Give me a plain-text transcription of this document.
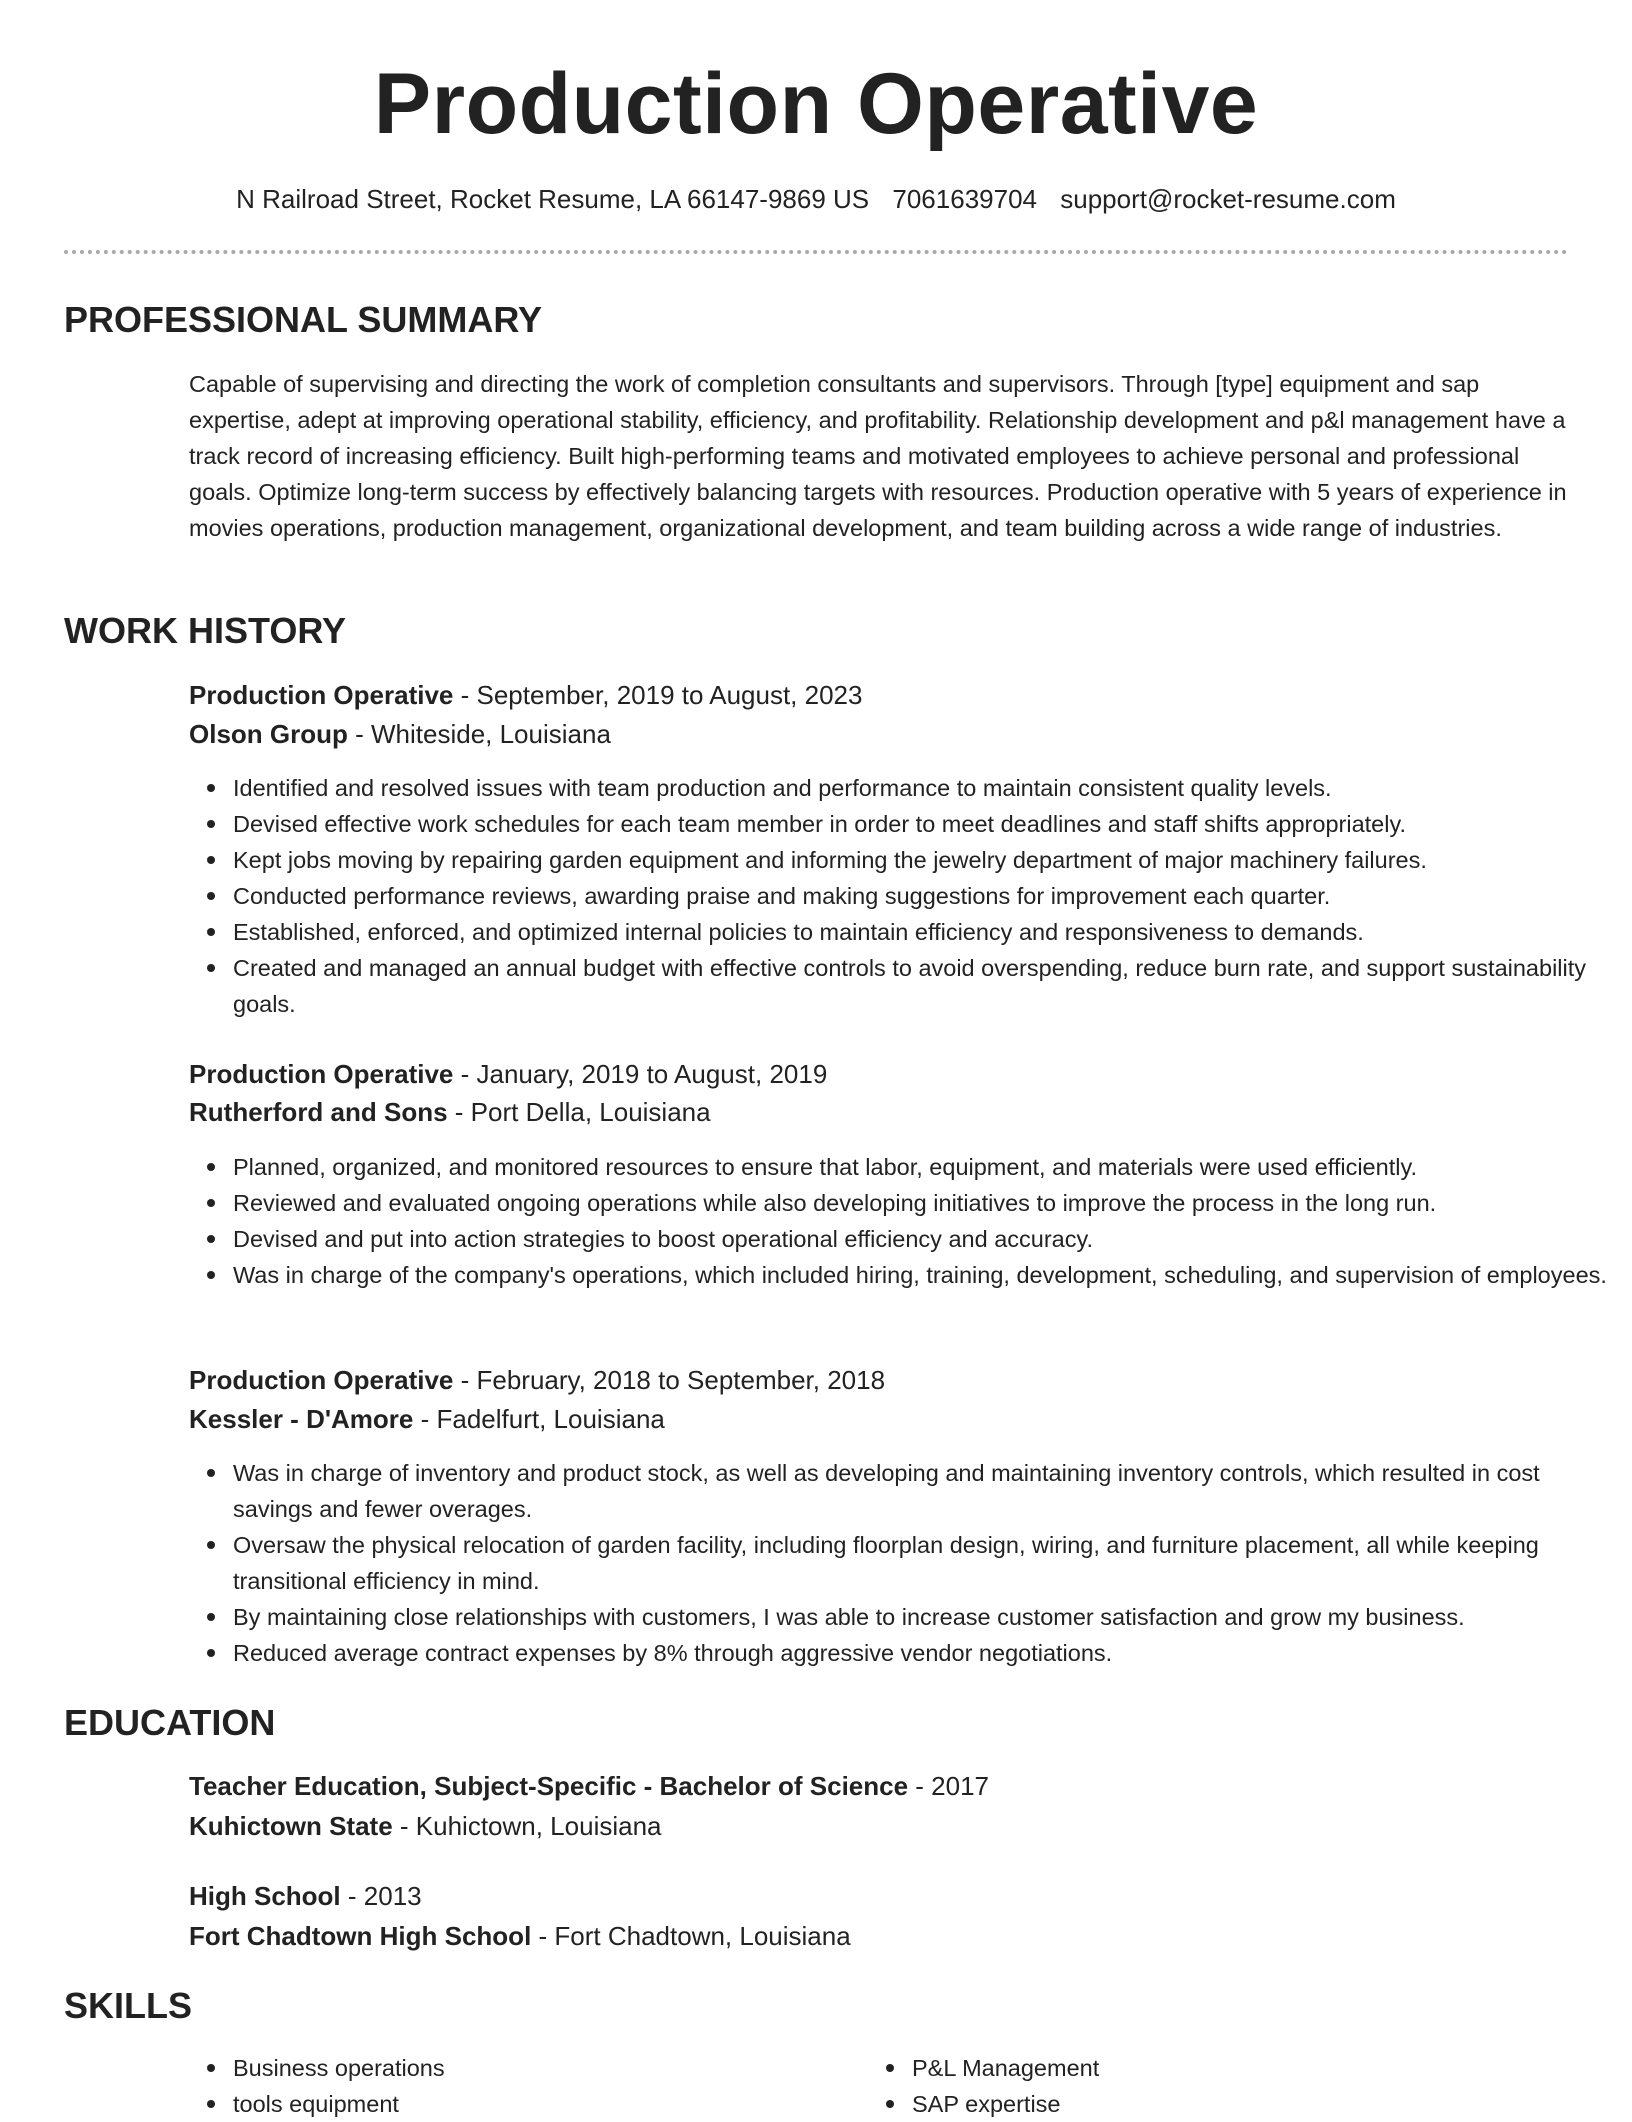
Production Operative
N Railroad Street, Rocket Resume, LA 66147-9869 US 7061639704 support@rocket-resume.com
PROFESSIONAL SUMMARY
Capable of supervising and directing the work of completion consultants and supervisors. Through [type] equipment and sap expertise, adept at improving operational stability, efficiency, and profitability. Relationship development and p&l management have a track record of increasing efficiency. Built high-performing teams and motivated employees to achieve personal and professional goals. Optimize long-term success by effectively balancing targets with resources. Production operative with 5 years of experience in movies operations, production management, organizational development, and team building across a wide range of industries.
WORK HISTORY
Production Operative - September, 2019 to August, 2023
Olson Group - Whiteside, Louisiana
Identified and resolved issues with team production and performance to maintain consistent quality levels.
Devised effective work schedules for each team member in order to meet deadlines and staff shifts appropriately.
Kept jobs moving by repairing garden equipment and informing the jewelry department of major machinery failures.
Conducted performance reviews, awarding praise and making suggestions for improvement each quarter.
Established, enforced, and optimized internal policies to maintain efficiency and responsiveness to demands.
Created and managed an annual budget with effective controls to avoid overspending, reduce burn rate, and support sustainability goals.
Production Operative - January, 2019 to August, 2019
Rutherford and Sons - Port Della, Louisiana
Planned, organized, and monitored resources to ensure that labor, equipment, and materials were used efficiently.
Reviewed and evaluated ongoing operations while also developing initiatives to improve the process in the long run.
Devised and put into action strategies to boost operational efficiency and accuracy.
Was in charge of the company's operations, which included hiring, training, development, scheduling, and supervision of employees.
Production Operative - February, 2018 to September, 2018
Kessler - D'Amore - Fadelfurt, Louisiana
Was in charge of inventory and product stock, as well as developing and maintaining inventory controls, which resulted in cost savings and fewer overages.
Oversaw the physical relocation of garden facility, including floorplan design, wiring, and furniture placement, all while keeping transitional efficiency in mind.
By maintaining close relationships with customers, I was able to increase customer satisfaction and grow my business.
Reduced average contract expenses by 8% through aggressive vendor negotiations.
EDUCATION
Teacher Education, Subject-Specific - Bachelor of Science - 2017
Kuhictown State - Kuhictown, Louisiana
High School - 2013
Fort Chadtown High School - Fort Chadtown, Louisiana
SKILLS
Business operations
tools equipment
P&L Management
SAP expertise
